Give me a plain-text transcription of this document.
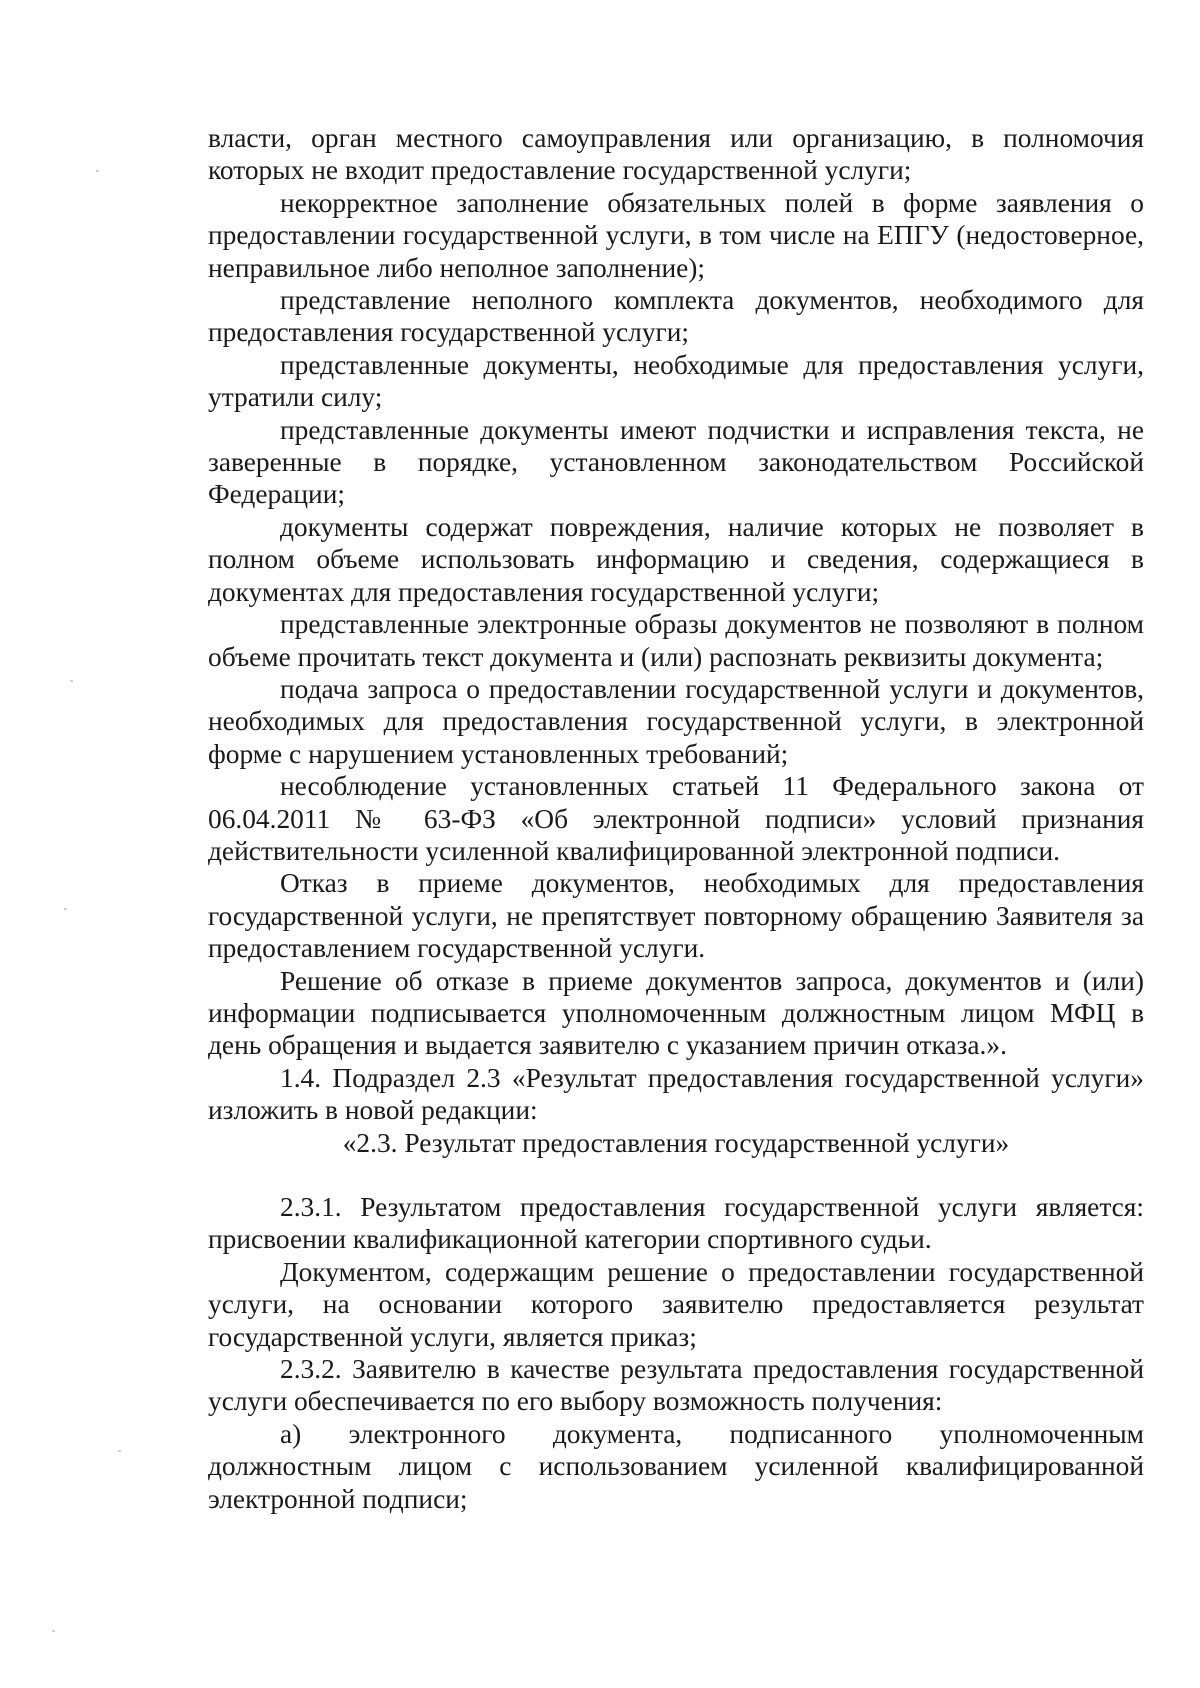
власти, орган местного самоуправления или организацию, в полномочия которых не входит предоставление государственной услуги;

некорректное заполнение обязательных полей в форме заявления о предоставлении государственной услуги, в том числе на ЕПГУ (недостоверное, неправильное либо неполное заполнение);

представление неполного комплекта документов, необходимого для предоставления государственной услуги;

представленные документы, необходимые для предоставления услуги, утратили силу;

представленные документы имеют подчистки и исправления текста, не заверенные в порядке, установленном законодательством Российской Федерации;

документы содержат повреждения, наличие которых не позволяет в полном объеме использовать информацию и сведения, содержащиеся в документах для предоставления государственной услуги;

представленные электронные образы документов не позволяют в полном объеме прочитать текст документа и (или) распознать реквизиты документа;

подача запроса о предоставлении государственной услуги и документов, необходимых для предоставления государственной услуги, в электронной форме с нарушением установленных требований;

несоблюдение установленных статьей 11 Федерального закона от 06.04.2011 № 63-ФЗ «Об электронной подписи» условий признания действительности усиленной квалифицированной электронной подписи.

Отказ в приеме документов, необходимых для предоставления государственной услуги, не препятствует повторному обращению Заявителя за предоставлением государственной услуги.

Решение об отказе в приеме документов запроса, документов и (или) информации подписывается уполномоченным должностным лицом МФЦ в день обращения и выдается заявителю с указанием причин отказа.».

1.4. Подраздел 2.3 «Результат предоставления государственной услуги» изложить в новой редакции:

«2.3. Результат предоставления государственной услуги»

2.3.1. Результатом предоставления государственной услуги является: присвоении квалификационной категории спортивного судьи.

Документом, содержащим решение о предоставлении государственной услуги, на основании которого заявителю предоставляется результат государственной услуги, является приказ;

2.3.2. Заявителю в качестве результата предоставления государственной услуги обеспечивается по его выбору возможность получения:

а) электронного документа, подписанного уполномоченным должностным лицом с использованием усиленной квалифицированной электронной подписи;
